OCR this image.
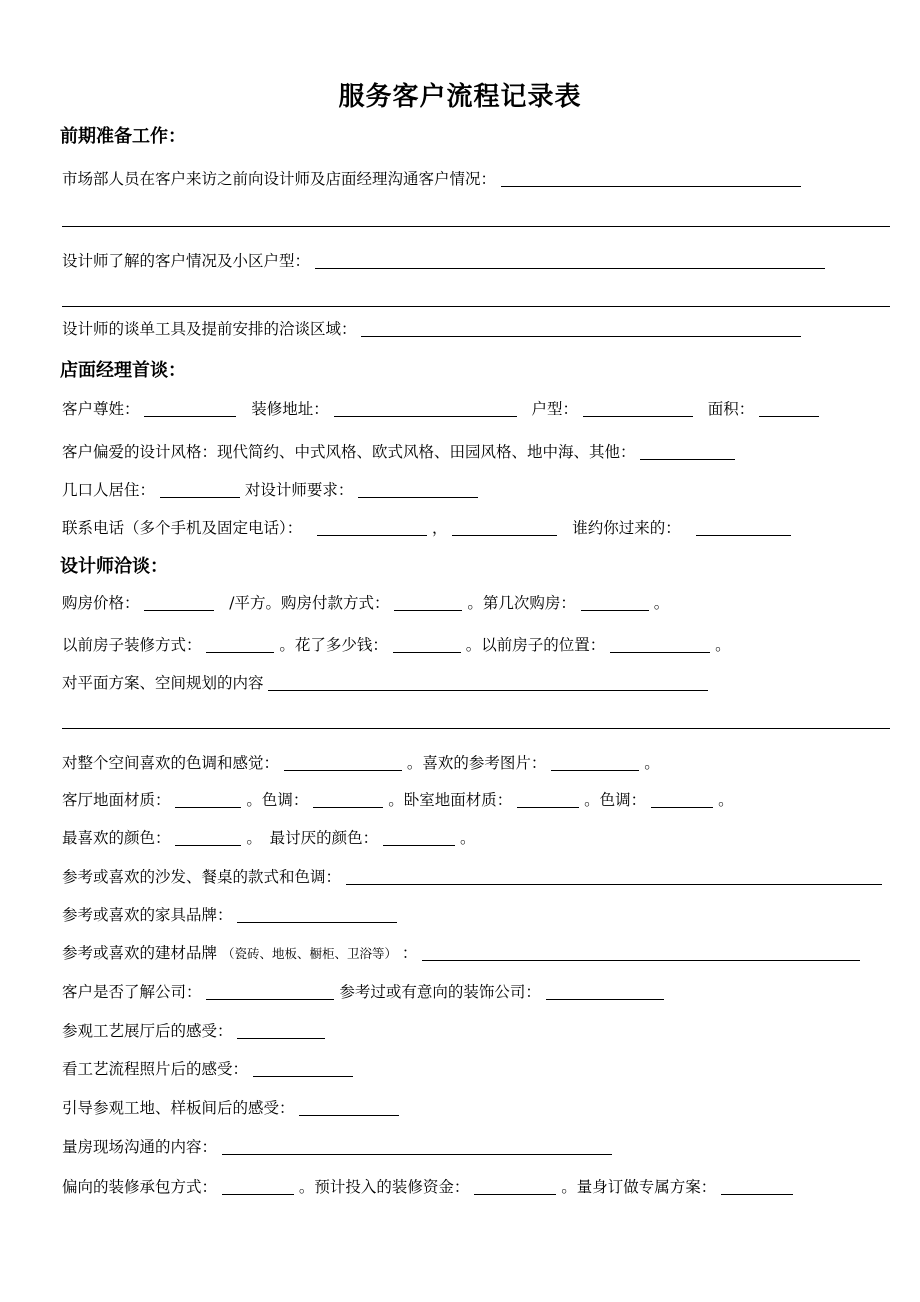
服务客户流程记录表
前期准备工作：
市场部人员在客户来访之前向设计师及店面经理沟通客户情况：
设计师了解的客户情况及小区户型：
设计师的谈单工具及提前安排的洽谈区域：
店面经理首谈：
客户尊姓：	装修地址：	户型：	面积：
客户偏爱的设计风格：现代简约、中式风格、欧式风格、田园风格、地中海、其他：
几口人居住：	对设计师要求：
联系电话（多个手机及固定电话）：	，	谁约你过来的：
设计师洽谈：
购房价格：	/平方。购房付款方式：	。第几次购房：	。
以前房子装修方式：	。花了多少钱：	。以前房子的位置：	。
对平面方案、空间规划的内容
对整个空间喜欢的色调和感觉：	。喜欢的参考图片：	。
客厅地面材质：	。色调：	。卧室地面材质：	。色调：	。
最喜欢的颜色：	。　最讨厌的颜色：	。
参考或喜欢的沙发、餐桌的款式和色调：
参考或喜欢的家具品牌：
参考或喜欢的建材品牌 （瓷砖、地板、橱柜、卫浴等） ：
客户是否了解公司：	参考过或有意向的装饰公司：
参观工艺展厅后的感受：
看工艺流程照片后的感受：
引导参观工地、样板间后的感受：
量房现场沟通的内容：
偏向的装修承包方式：	。预计投入的装修资金：	。量身订做专属方案：
